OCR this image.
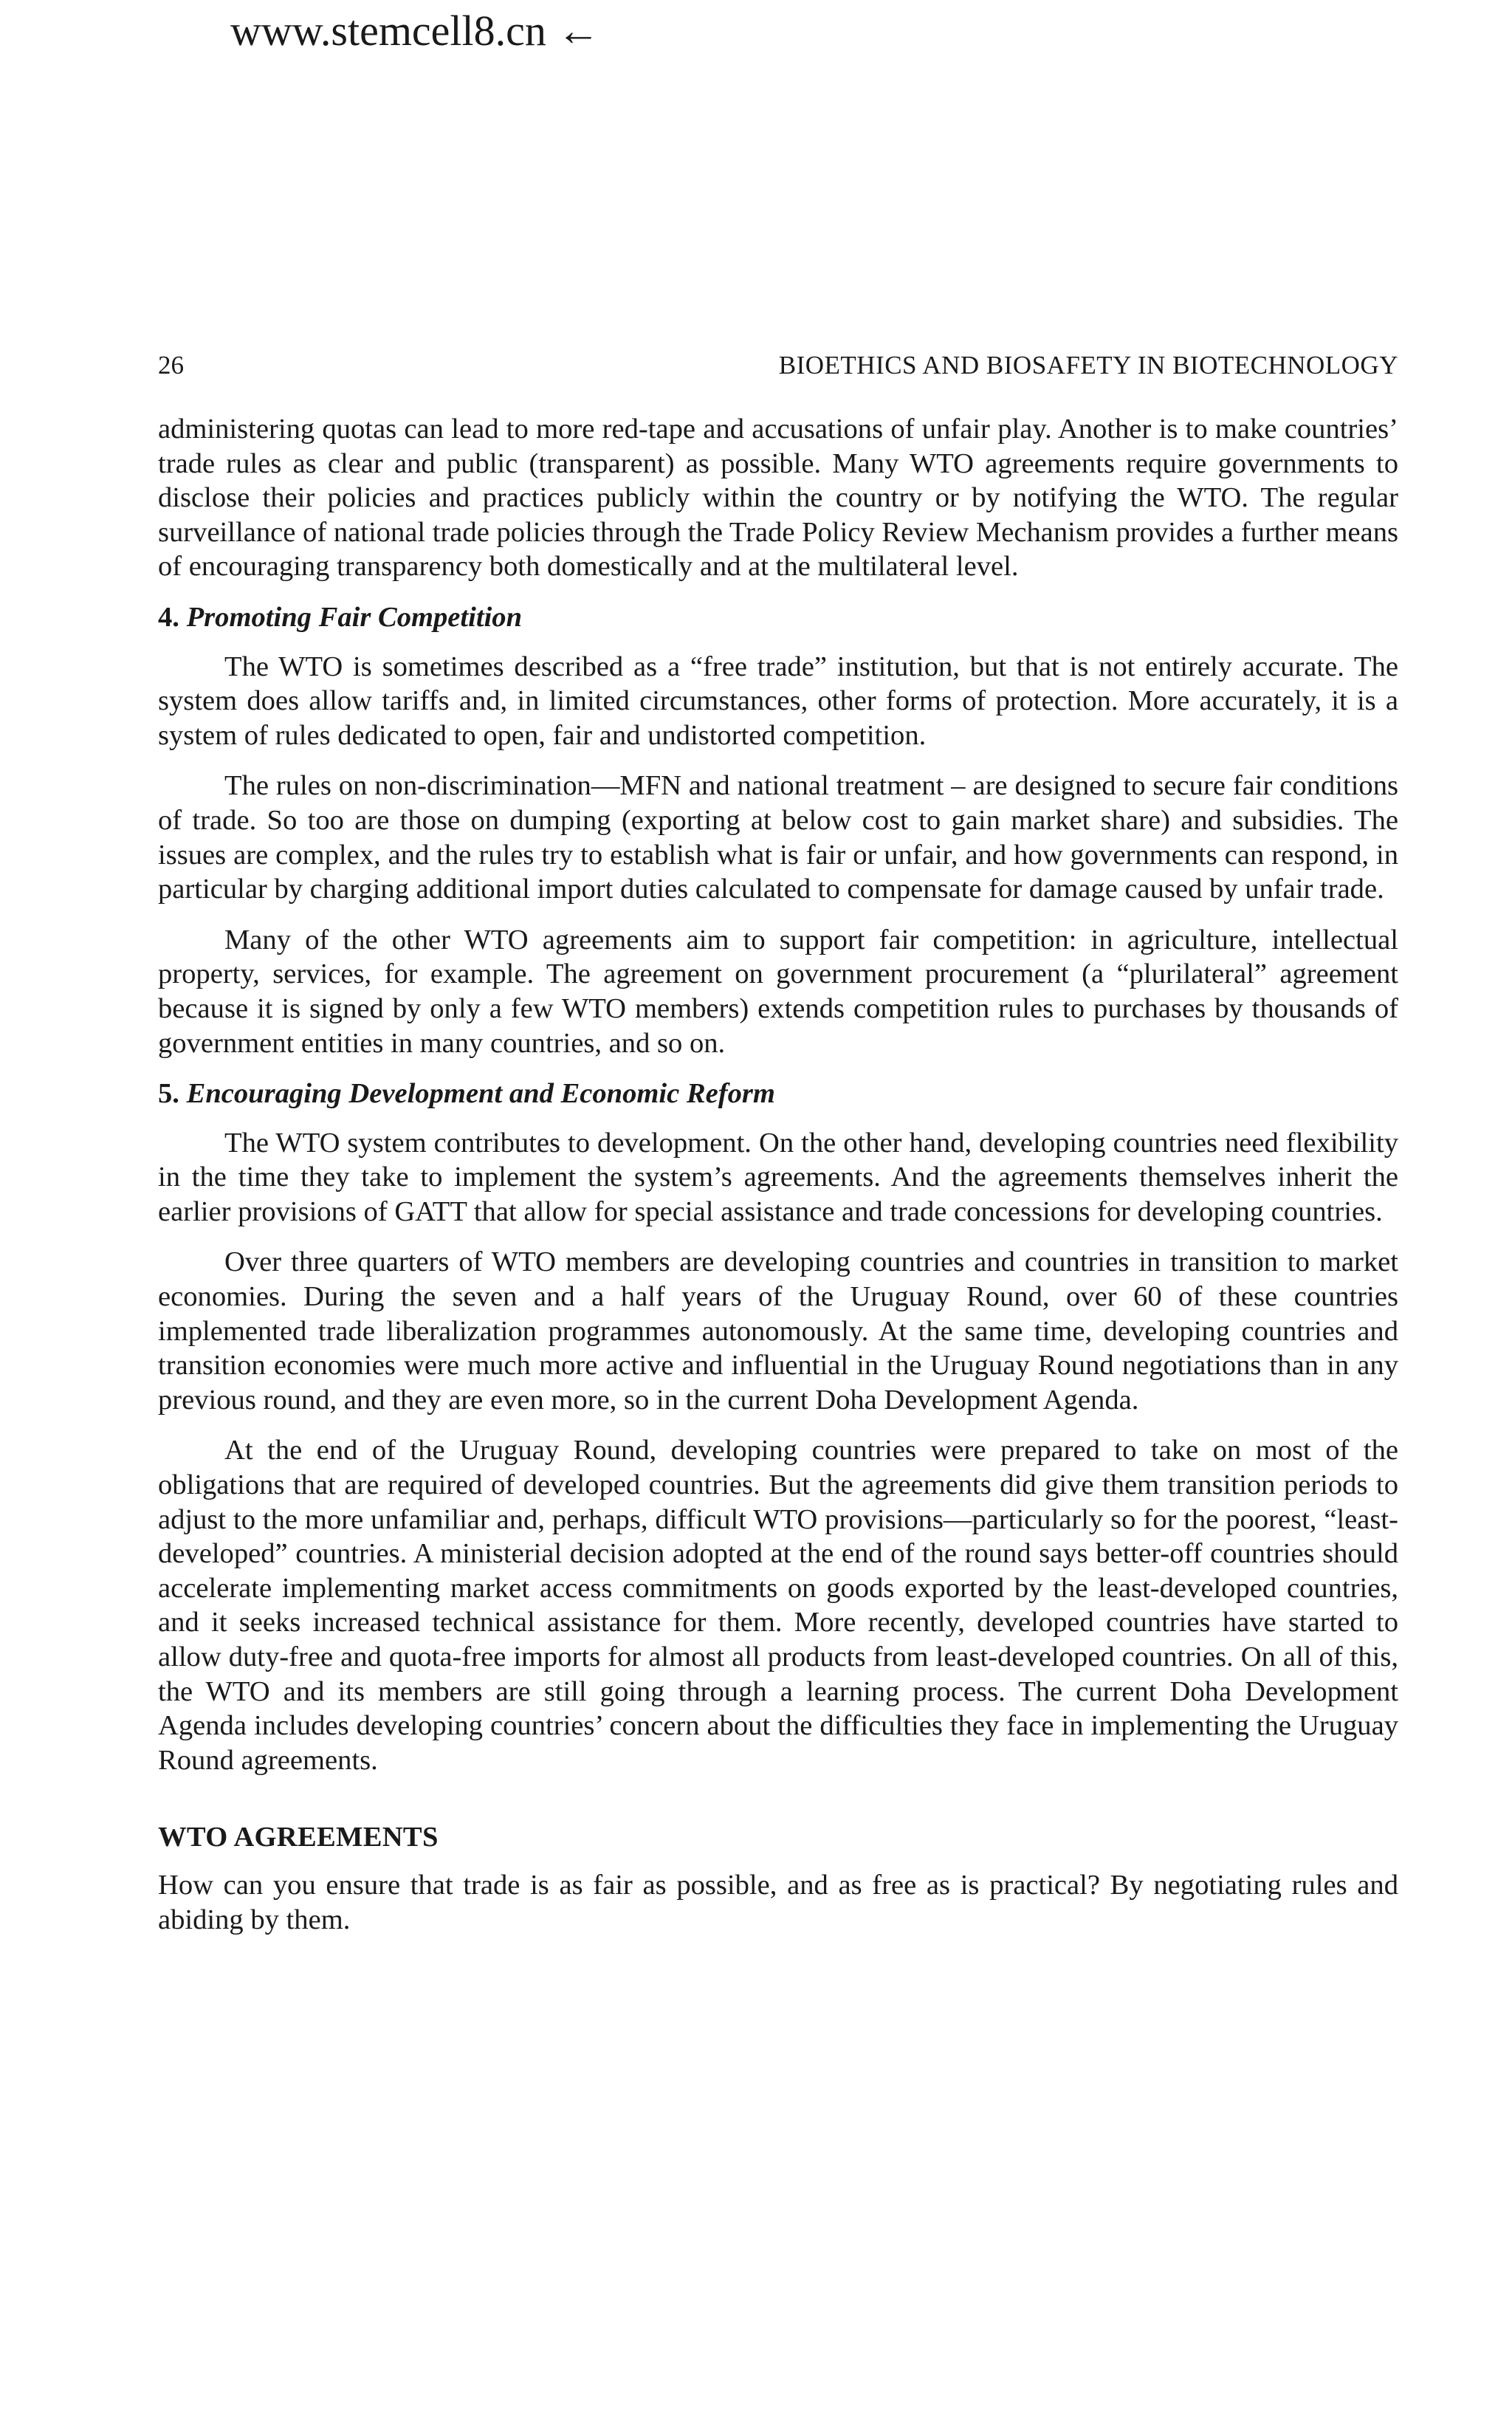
www.stemcell8.cn ←
26	BIOETHICS AND BIOSAFETY IN BIOTECHNOLOGY

administering quotas can lead to more red-tape and accusations of unfair play. Another is to make countries’ trade rules as clear and public (transparent) as possible. Many WTO agreements require governments to disclose their policies and practices publicly within the country or by notifying the WTO. The regular surveillance of national trade policies through the Trade Policy Review Mechanism provides a further means of encouraging transparency both domestically and at the multilateral level.

4. Promoting Fair Competition

The WTO is sometimes described as a “free trade” institution, but that is not entirely accurate. The system does allow tariffs and, in limited circumstances, other forms of protection. More accurately, it is a system of rules dedicated to open, fair and undistorted competition.

The rules on non-discrimination—MFN and national treatment – are designed to secure fair conditions of trade. So too are those on dumping (exporting at below cost to gain market share) and subsidies. The issues are complex, and the rules try to establish what is fair or unfair, and how governments can respond, in particular by charging additional import duties calculated to compensate for damage caused by unfair trade.

Many of the other WTO agreements aim to support fair competition: in agriculture, intellectual property, services, for example. The agreement on government procurement (a “plurilateral” agreement because it is signed by only a few WTO members) extends competition rules to purchases by thousands of government entities in many countries, and so on.

5. Encouraging Development and Economic Reform

The WTO system contributes to development. On the other hand, developing countries need flexibility in the time they take to implement the system’s agreements. And the agreements themselves inherit the earlier provisions of GATT that allow for special assistance and trade concessions for developing countries.

Over three quarters of WTO members are developing countries and countries in transition to market economies. During the seven and a half years of the Uruguay Round, over 60 of these countries implemented trade liberalization programmes autonomously. At the same time, developing countries and transition economies were much more active and influential in the Uruguay Round negotiations than in any previous round, and they are even more, so in the current Doha Development Agenda.

At the end of the Uruguay Round, developing countries were prepared to take on most of the obligations that are required of developed countries. But the agreements did give them transition periods to adjust to the more unfamiliar and, perhaps, difficult WTO provisions—particularly so for the poorest, “least-developed” countries. A ministerial decision adopted at the end of the round says better-off countries should accelerate implementing market access commitments on goods exported by the least-developed countries, and it seeks increased technical assistance for them. More recently, developed countries have started to allow duty-free and quota-free imports for almost all products from least-developed countries. On all of this, the WTO and its members are still going through a learning process. The current Doha Development Agenda includes developing countries’ concern about the difficulties they face in implementing the Uruguay Round agreements.

WTO AGREEMENTS

How can you ensure that trade is as fair as possible, and as free as is practical? By negotiating rules and abiding by them.
